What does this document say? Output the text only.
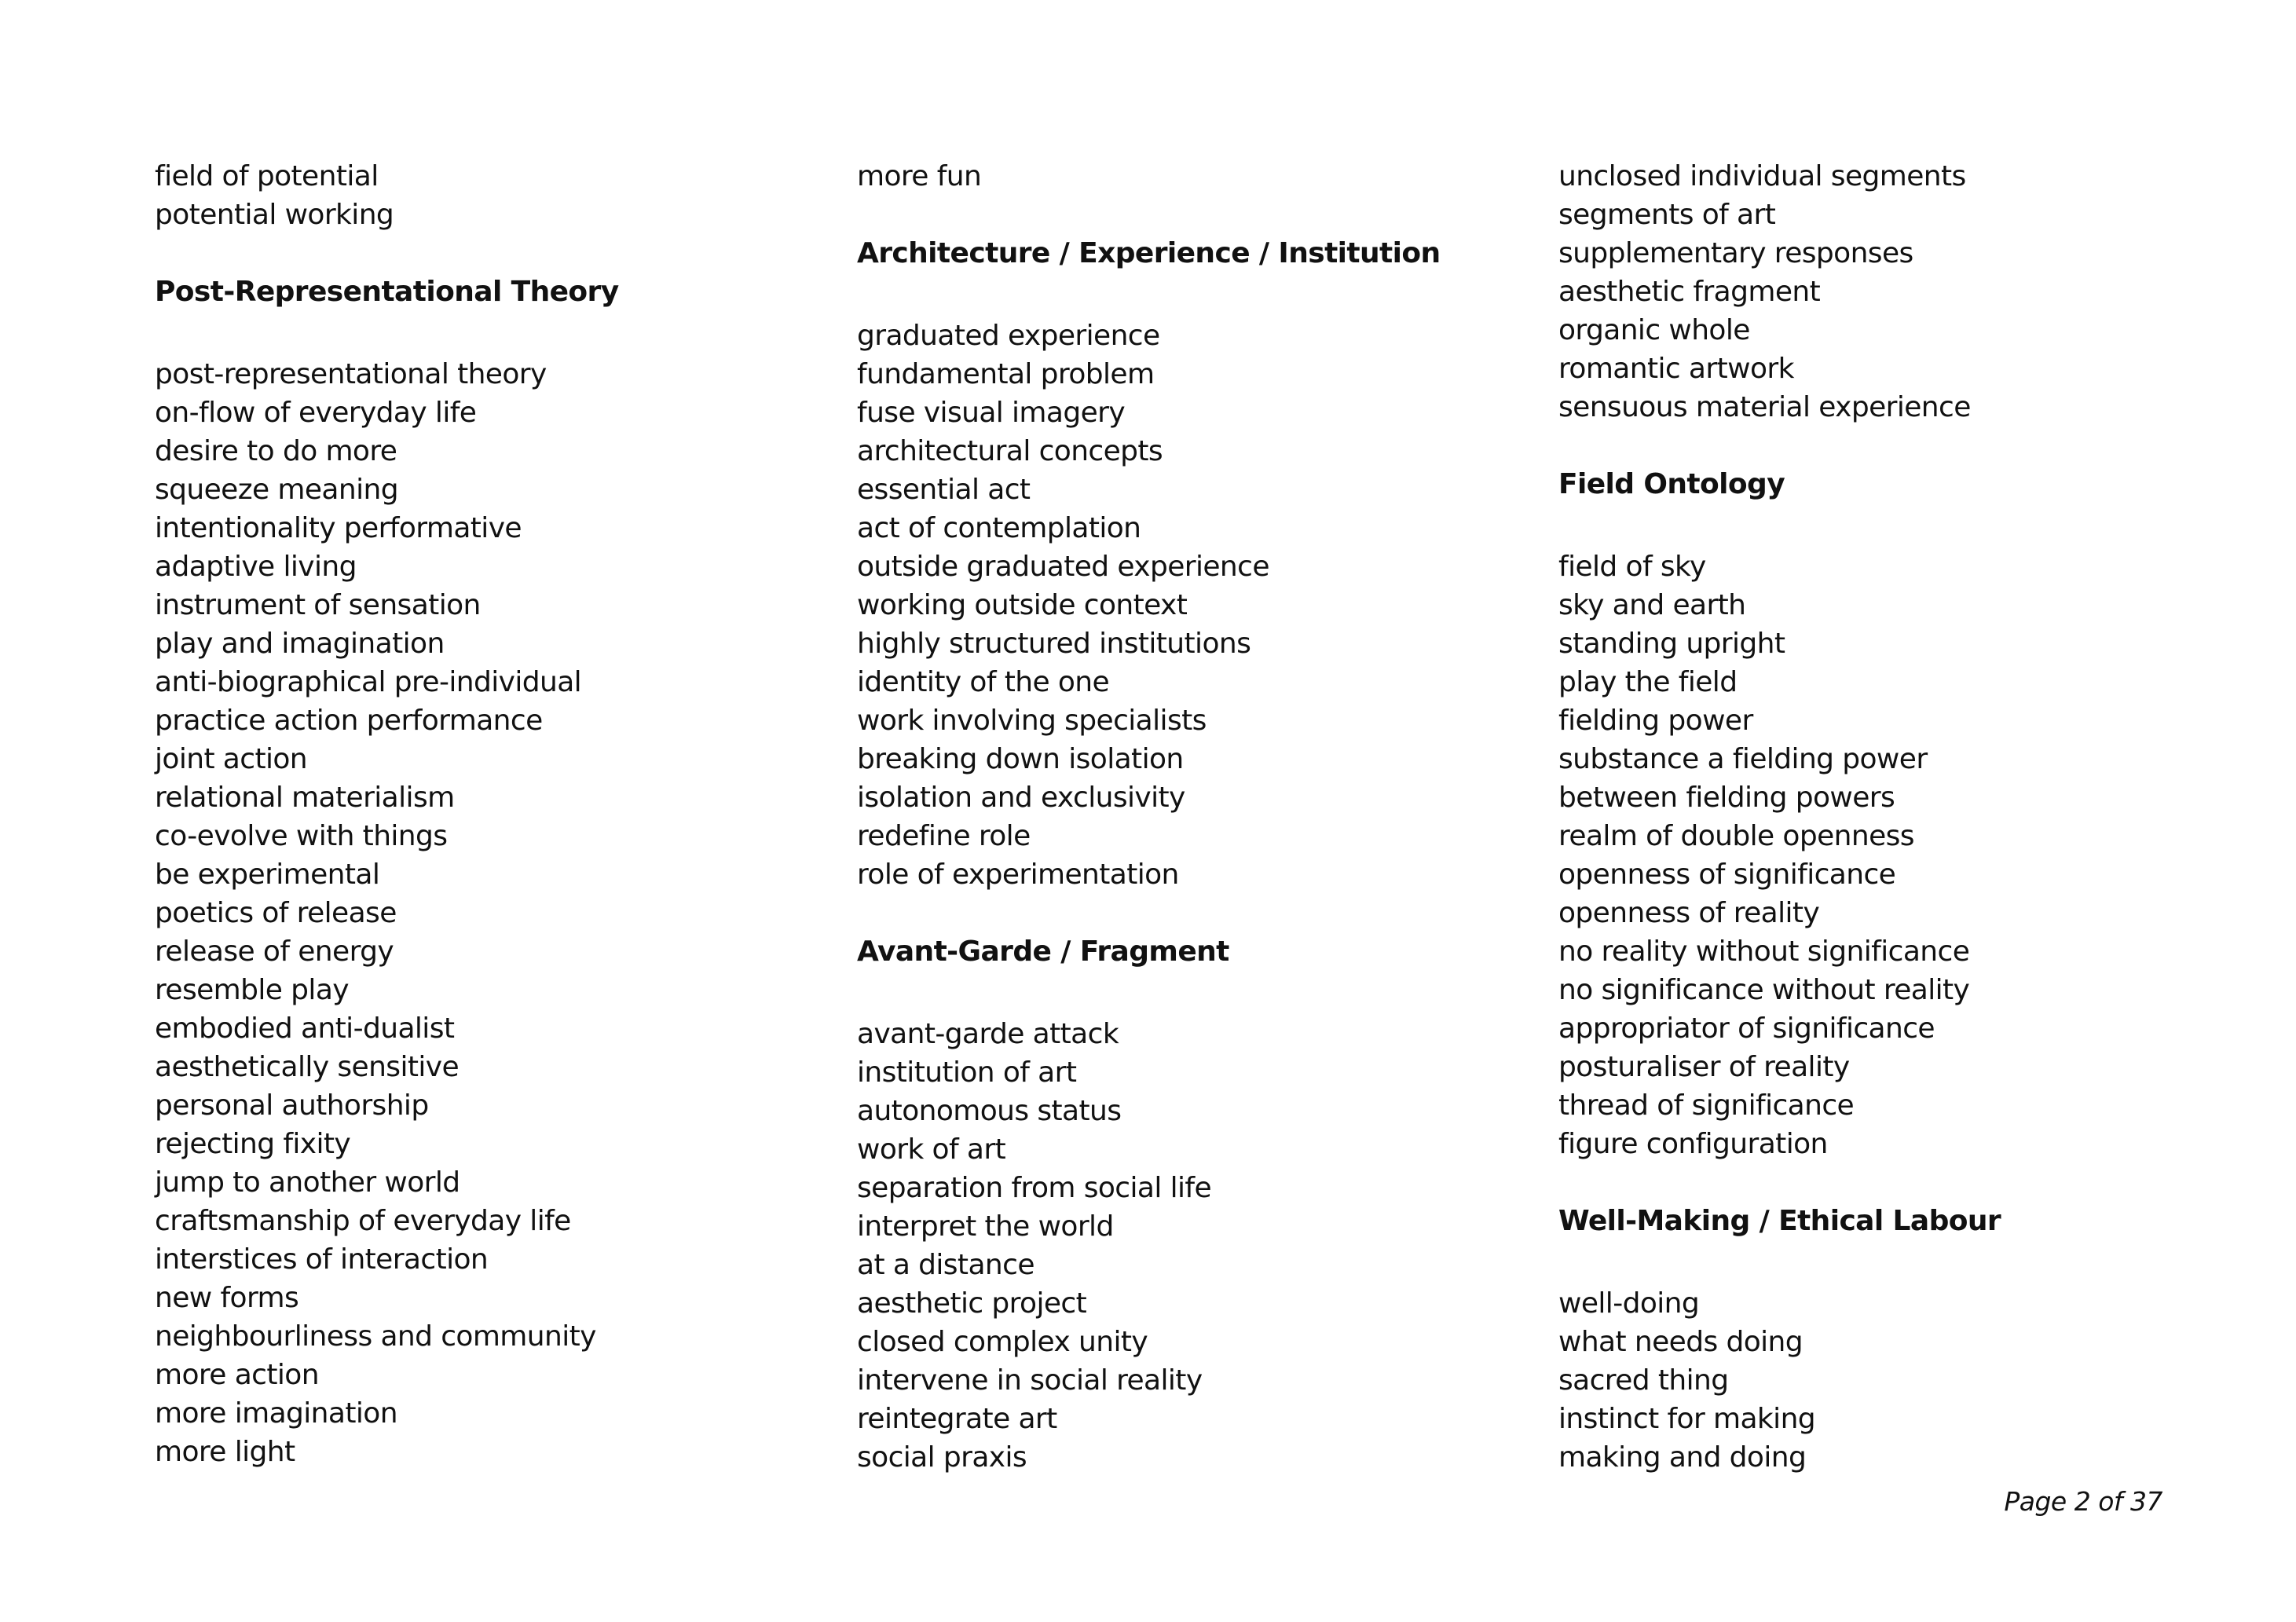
field of potential
potential working
Post-Representational Theory
post-representational theory
on-flow of everyday life
desire to do more
squeeze meaning
intentionality performative
adaptive living
instrument of sensation
play and imagination
anti-biographical pre-individual
practice action performance
joint action
relational materialism
co-evolve with things
be experimental
poetics of release
release of energy
resemble play
embodied anti-dualist
aesthetically sensitive
personal authorship
rejecting fixity
jump to another world
craftsmanship of everyday life
interstices of interaction
new forms
neighbourliness and community
more action
more imagination
more light
more fun
Architecture / Experience / Institution
graduated experience
fundamental problem
fuse visual imagery
architectural concepts
essential act
act of contemplation
outside graduated experience
working outside context
highly structured institutions
identity of the one
work involving specialists
breaking down isolation
isolation and exclusivity
redefine role
role of experimentation
Avant-Garde / Fragment
avant-garde attack
institution of art
autonomous status
work of art
separation from social life
interpret the world
at a distance
aesthetic project
closed complex unity
intervene in social reality
reintegrate art
social praxis
unclosed individual segments
segments of art
supplementary responses
aesthetic fragment
organic whole
romantic artwork
sensuous material experience
Field Ontology
field of sky
sky and earth
standing upright
play the field
fielding power
substance a fielding power
between fielding powers
realm of double openness
openness of significance
openness of reality
no reality without significance
no significance without reality
appropriator of significance
posturaliser of reality
thread of significance
figure configuration
Well-Making / Ethical Labour
well-doing
what needs doing
sacred thing
instinct for making
making and doing
Page 2 of 37
